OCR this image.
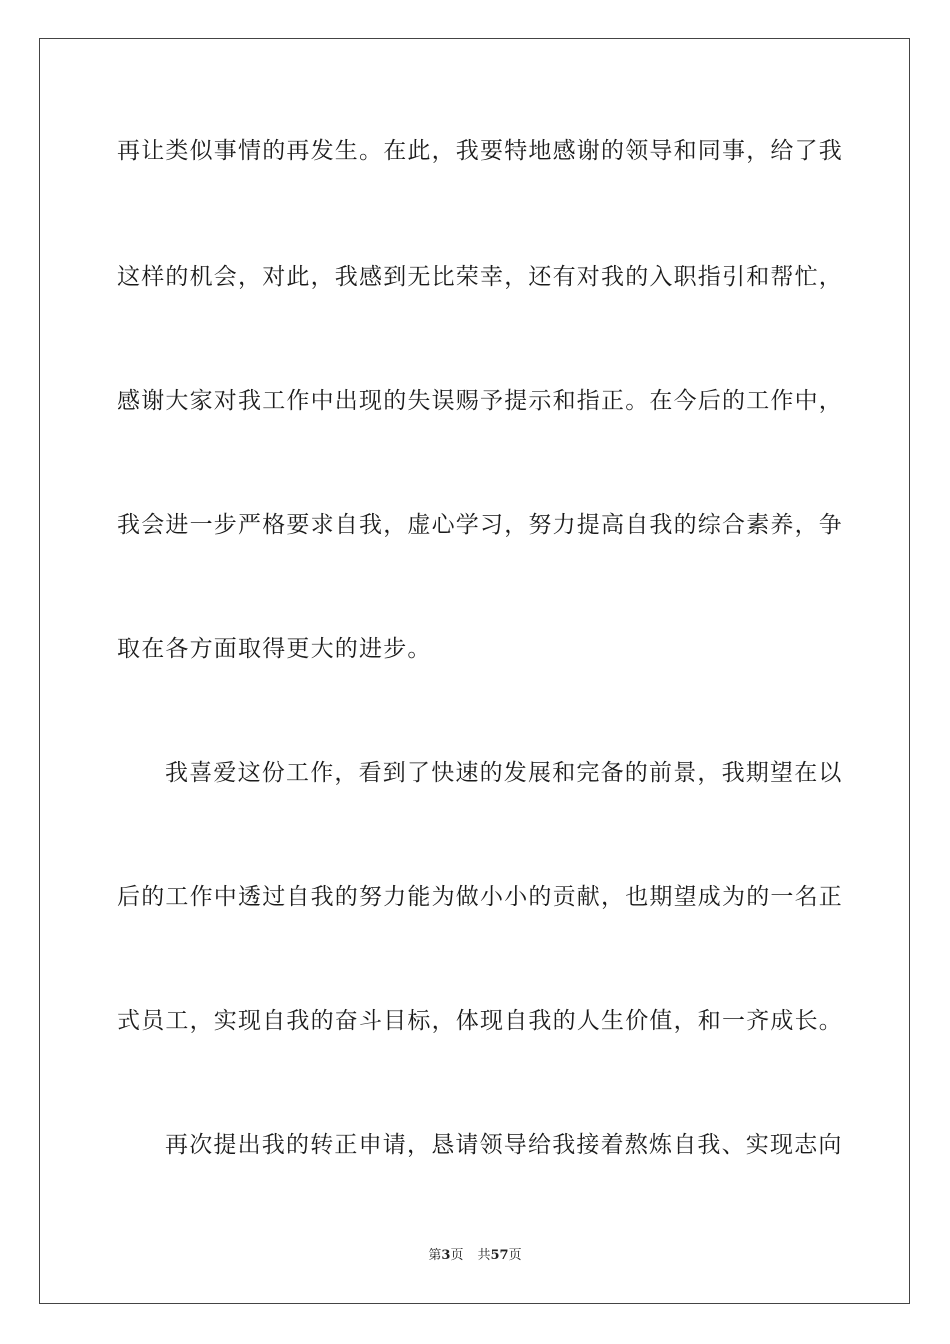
再让类似事情的再发生。在此，我要特地感谢的领导和同事，给了我
这样的机会，对此，我感到无比荣幸，还有对我的入职指引和帮忙，
感谢大家对我工作中出现的失误赐予提示和指正。在今后的工作中，
我会进一步严格要求自我，虚心学习，努力提高自我的综合素养，争
取在各方面取得更大的进步。
我喜爱这份工作，看到了快速的发展和完备的前景，我期望在以
后的工作中透过自我的努力能为做小小的贡献，也期望成为的一名正
式员工，实现自我的奋斗目标，体现自我的人生价值，和一齐成长。
再次提出我的转正申请，恳请领导给我接着熬炼自我、实现志向
第3页 共57页
